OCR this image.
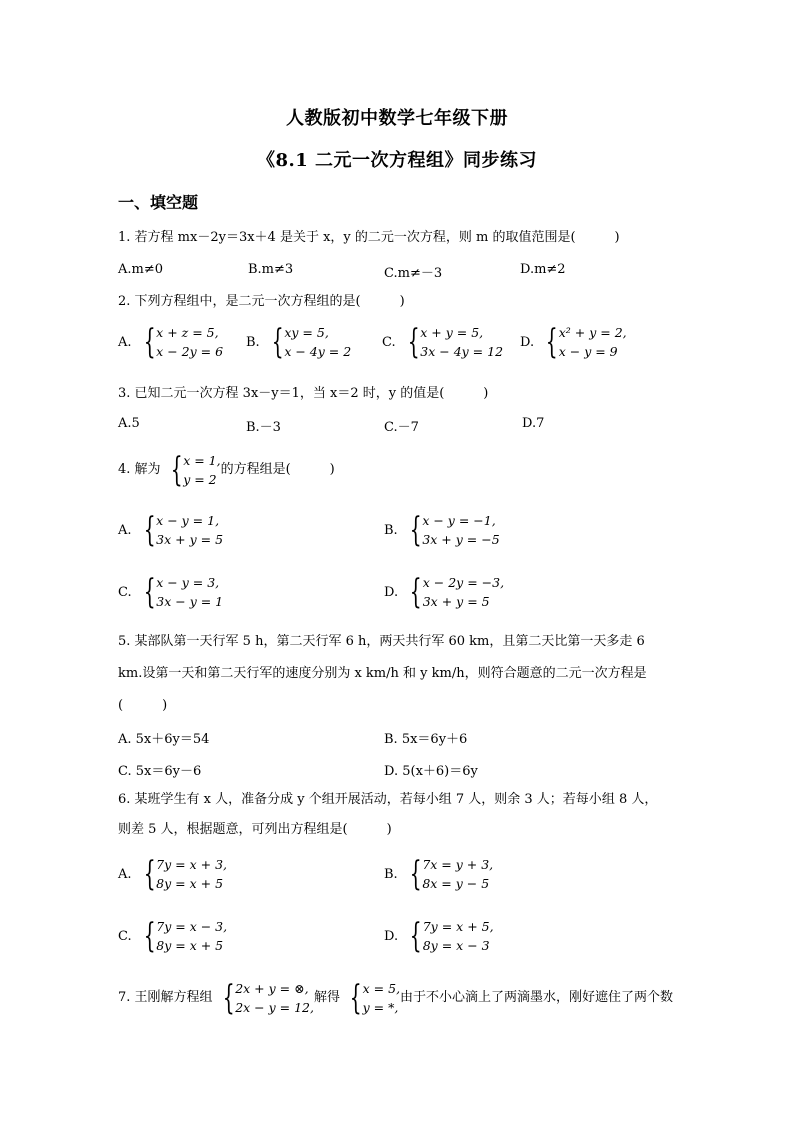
人教版初中数学七年级下册
《8.1 二元一次方程组》同步练习
一、填空题
1. 若方程 mx－2y＝3x＋4 是关于 x，y 的二元一次方程，则 m 的取值范围是(　　　)
A.m≠0	B.m≠3	C.m≠－3	D.m≠2
2. 下列方程组中，是二元一次方程组的是(　　　)
A. { x + z = 5,
x − 2y = 6
B. { xy = 5,
x − 4y = 2
C. { x + y = 5,
3x − 4y = 12
D. { x² + y = 2,
x − y = 9
3. 已知二元一次方程 3x－y＝1，当 x＝2 时，y 的值是(　　　)
A.5	B.－3	C.－7	D.7
4. 解为 { x = 1,
y = 2
的方程组是(　　　)
A. { x − y = 1,
3x + y = 5
B. { x − y = −1,
3x + y = −5
C. { x − y = 3,
3x − y = 1
D. { x − 2y = −3,
3x + y = 5
5. 某部队第一天行军 5 h，第二天行军 6 h，两天共行军 60 km，且第二天比第一天多走 6
km.设第一天和第二天行军的速度分别为 x km/h 和 y km/h，则符合题意的二元一次方程是
(　　　)
A. 5x＋6y＝54	B. 5x＝6y＋6
C. 5x＝6y－6	D. 5(x＋6)＝6y
6. 某班学生有 x 人，准备分成 y 个组开展活动，若每小组 7 人，则余 3 人；若每小组 8 人，
则差 5 人，根据题意，可列出方程组是(　　　)
A. { 7y = x + 3,
8y = x + 5
B. { 7x = y + 3,
8x = y − 5
C. { 7y = x − 3,
8y = x + 5
D. { 7y = x + 5,
8y = x − 3
7. 王刚解方程组 { 2x + y = ⊗,
2x − y = 12,
解得 { x = 5,
y = *,
由于不小心滴上了两滴墨水，刚好遮住了两个数
